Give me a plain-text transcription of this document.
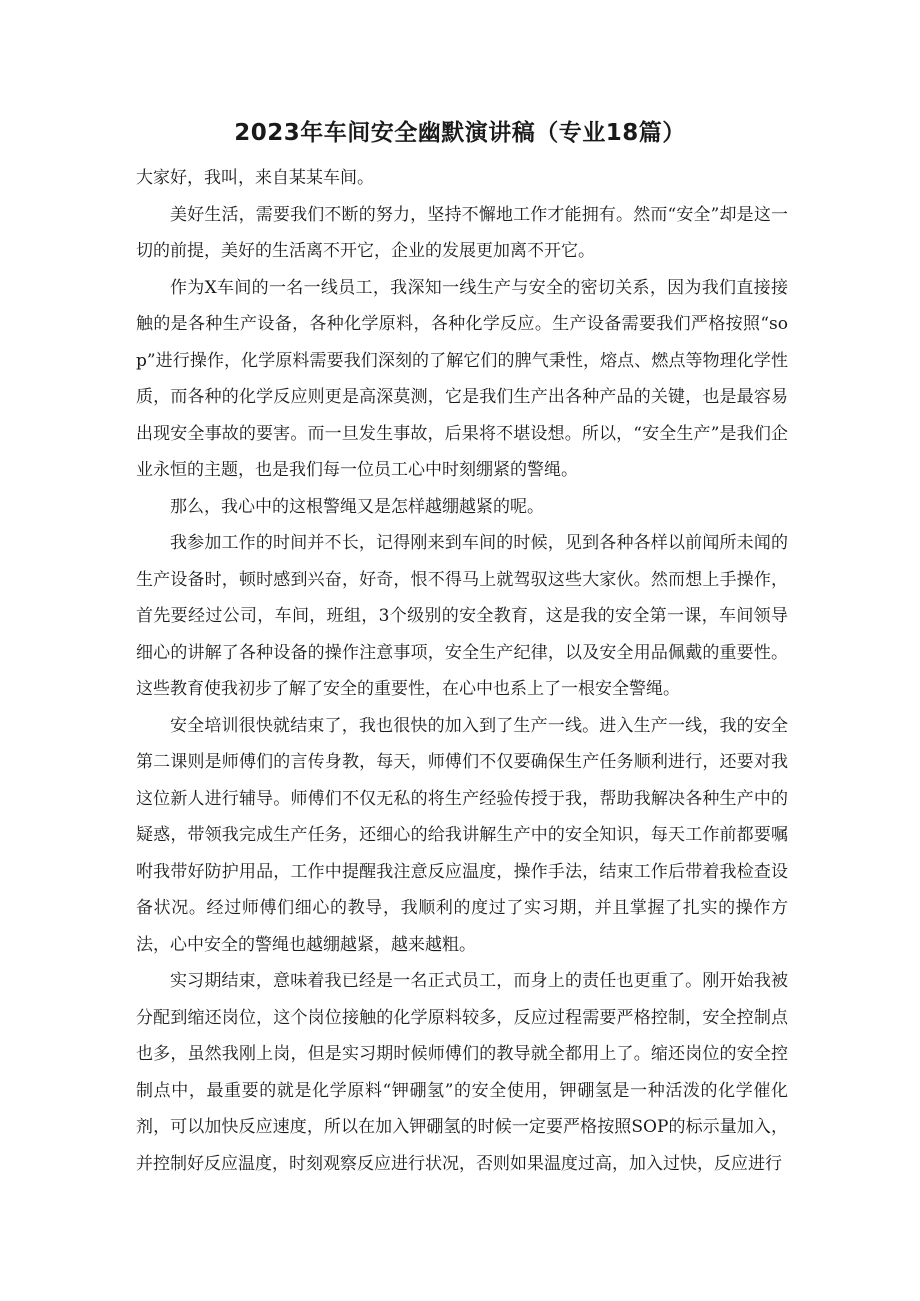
2023年车间安全幽默演讲稿（专业18篇）

大家好，我叫，来自某某车间。

美好生活，需要我们不断的努力，坚持不懈地工作才能拥有。然而“安全”却是这一切的前提，美好的生活离不开它，企业的发展更加离不开它。

作为X车间的一名一线员工，我深知一线生产与安全的密切关系，因为我们直接接触的是各种生产设备，各种化学原料，各种化学反应。生产设备需要我们严格按照“sop”进行操作，化学原料需要我们深刻的了解它们的脾气秉性，熔点、燃点等物理化学性质，而各种的化学反应则更是高深莫测，它是我们生产出各种产品的关键，也是最容易出现安全事故的要害。而一旦发生事故，后果将不堪设想。所以，“安全生产”是我们企业永恒的主题，也是我们每一位员工心中时刻绷紧的警绳。

那么，我心中的这根警绳又是怎样越绷越紧的呢。

我参加工作的时间并不长，记得刚来到车间的时候，见到各种各样以前闻所未闻的生产设备时，顿时感到兴奋，好奇，恨不得马上就驾驭这些大家伙。然而想上手操作，首先要经过公司，车间，班组，3个级别的安全教育，这是我的安全第一课，车间领导细心的讲解了各种设备的操作注意事项，安全生产纪律，以及安全用品佩戴的重要性。这些教育使我初步了解了安全的重要性，在心中也系上了一根安全警绳。

安全培训很快就结束了，我也很快的加入到了生产一线。进入生产一线，我的安全第二课则是师傅们的言传身教，每天，师傅们不仅要确保生产任务顺利进行，还要对我这位新人进行辅导。师傅们不仅无私的将生产经验传授于我，帮助我解决各种生产中的疑惑，带领我完成生产任务，还细心的给我讲解生产中的安全知识，每天工作前都要嘱咐我带好防护用品，工作中提醒我注意反应温度，操作手法，结束工作后带着我检查设备状况。经过师傅们细心的教导，我顺利的度过了实习期，并且掌握了扎实的操作方法，心中安全的警绳也越绷越紧，越来越粗。

实习期结束，意味着我已经是一名正式员工，而身上的责任也更重了。刚开始我被分配到缩还岗位，这个岗位接触的化学原料较多，反应过程需要严格控制，安全控制点也多，虽然我刚上岗，但是实习期时候师傅们的教导就全都用上了。缩还岗位的安全控制点中，最重要的就是化学原料“钾硼氢”的安全使用，钾硼氢是一种活泼的化学催化剂，可以加快反应速度，所以在加入钾硼氢的时候一定要严格按照SOP的标示量加入，并控制好反应温度，时刻观察反应进行状况，否则如果温度过高，加入过快，反应进行
